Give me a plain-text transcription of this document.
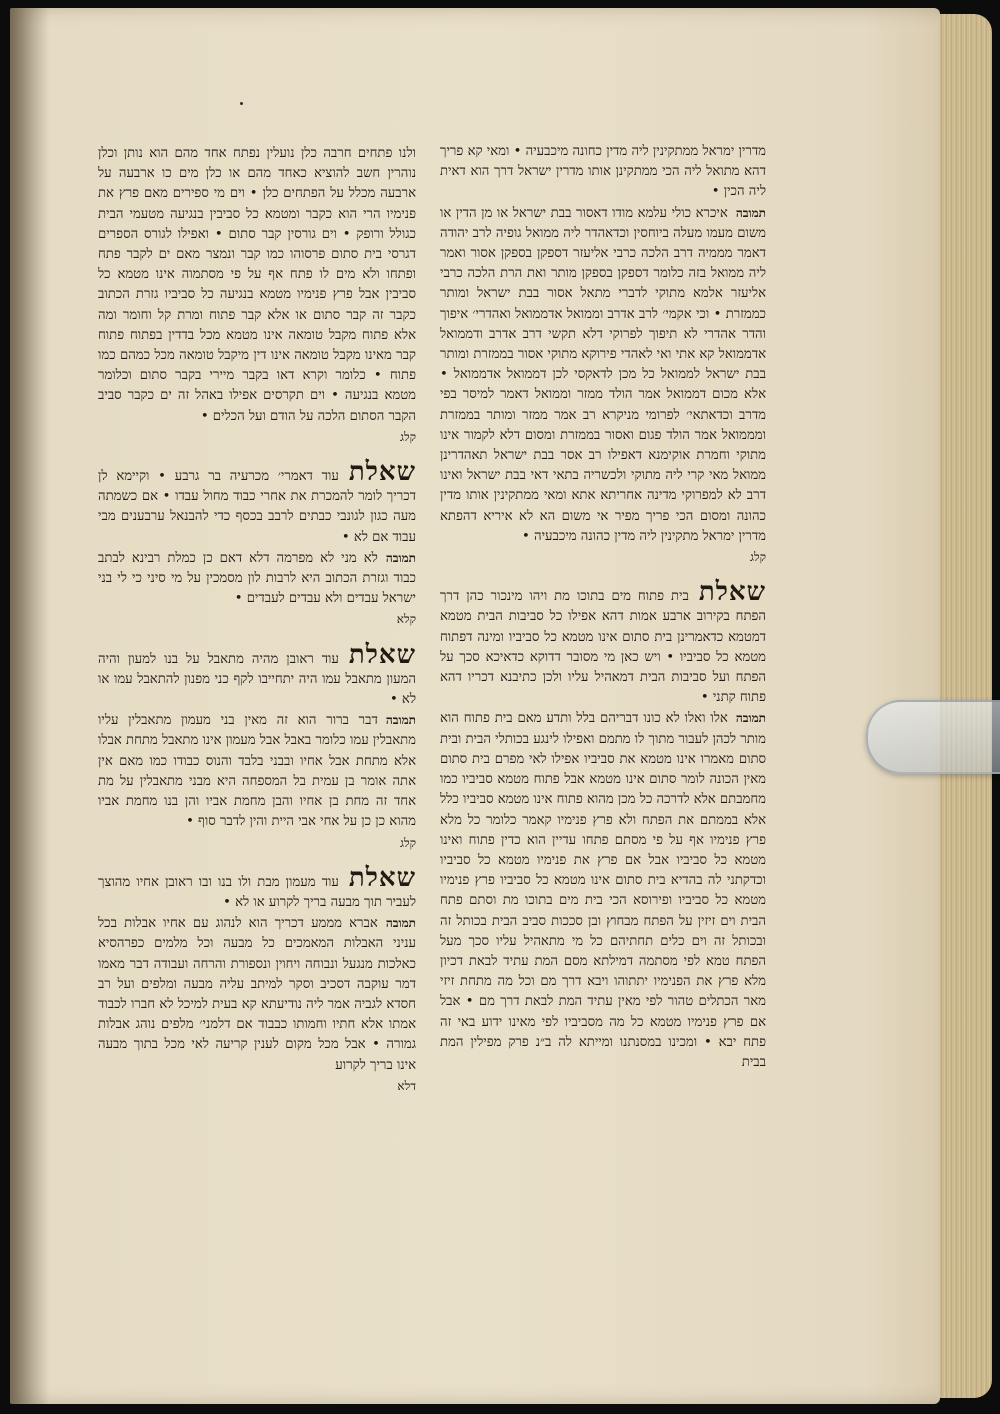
ולנו פתחים חרבה כלן נועלין נפתח אחד מהם הוא נותן וכלן נוהרין חשב להוציא כאחד מהם או כלן מים כו ארבעה על ארבעה מכלל על הפתחים כלן • וים מי ספירים מאם פרץ את פנימיו הרי הוא כקבר ומטמא כל סביבין בנגיעה מטעמי הבית כגולל ורופק • וים גורסין קבר סתום • ואפילו לגורס הספרים דגרסי בית סתום פרסוהו כמו קבר ונמצר מאם ים לקבר פתח ופתחו ולא מים לו פתח אף על פי מסתמוה אינו מטמא כל סביבין אבל פרץ פנימיו מטמא בנגיעה כל סביביו גזרת הכתוב כקבר זה קבר סתום או אלא קבר פתוח ומרת קל וחומר ומה אלא פתוח מקבל טומאה אינו מטמא מכל בדדין בפתוח פתוח קבר מאינו מקבל טומאה אינו דין מיקבל טומאה מכל כמהם כמו פתוח • כלומר וקרא דאו בקבר מיירי בקבר סתום וכלומר מטמא בנגיעה • וים תקרסים אפילו באהל זה ים כקבר סביב הקבר הסתום הלכה על הודם ועל הכלים •

קלג

שאלתעוד דאמרי׳ מכרעיה בר גרבע • וקיימא לן דכריך לומר להמכרת את אחרי כבוד מחול עבדו • אם כשמתה מעה כגון לגונבי כבתים לרבב בכסף כדי להבנאל ערבענים מבי עבוד אם לא •

תמובהלא מני לא מפרמה דלא דאם כן כמלת רבינא לבתב כבוד וגזרת הכתוב היא לרבות לון מסמכין על מי סיני כי לי בני ישראל עבדים ולא עבדים לעבדים •

קלא

שאלתעוד ראובן מהיה מתאבל על בנו למעון והיה המעון מתאבל עמו היה יתחייבו לקף כני מפנון להתאבל עמו או לא •

תמובהדבר ברור הוא זה מאין בני מעמון מתאבלין עליו מתאבלין עמו כלומר באבל אבל מעמון אינו מתאבל מתחת אבלו אלא מתחת אבל אחיו ובבני בלבד והנוס כבודו כמו מאם אין אתה אומר בן עמית בל המספחה היא מבני מתאבלין על מת אחד זה מחת בן אחיו והבן מחמת אביו והן בנו מחמת אביו מהוא כן כן על אחי אבי היית והין לדבר סוף •

קלג

שאלתעוד מעמון מבת ולו בנו ובו ראובן אחיו מהוצך לעביר תוך מבעה בריך לקרוע או לא •

תמובהאברא מממע דכריך הוא לנהוג עם אחיו אבלות בכל עניני האבלות המאמכים כל מבעה וכל מלמים כפרהסיא כאלכות מנגעל ונבוחה ויחוין ונספורת והרחה ועבודה דבר מאמו דמר עוקבה דסכיב וסקר למיתב עליה מבעה ומלפים ועל רב חסדא לגביה אמר ליה נודיעתא קא בעית למיכל לא חברו לכבוד אמתו אלא חתיו וחמותו כבבוד אם דלמני׳ מלפים נוהג אבלות גמורה • אבל מכל מקום לענין קריעה לאי מכל בתוך מבעה אינו בריך לקרוע

דלא

מדרין ימראל ממתקינין ליה מדין כחונה מיכבעיה • ומאי קא פריך דהא מתואל ליה הכי ממתקינן אותו מדרין ישראל דרך הוא דאית ליה הכין •

תמובהאיכרא כולי עלמא מודו דאסור בבת ישראל או מן הדין או משום מעמו מעלה ביוחסין וכדאהדר ליה ממואל גופיה לרב יהודה דאמר מממיה דרב הלכה כרבי אליעזר דספקן בספקן אסור ואמר ליה ממואל בזה כלומר דספקן בספקן מותר ואת הרת הלכה כרבי אליעזר אלמא מתוקי לדברי מתאל אסור בבת ישראל ומותר כממזרת • וכי אקמי׳ לרב אדרב וממואל אדממואל ואהדרי׳ איפוך והדר אהדרי לא תיפוך לפרוקי דלא תקשי דרב אדרב ודממואל אדממואל קא אתי ואי לאהדי פירוקא מתוקי אסור בממזרת ומותר בבת ישראל לממואל כל מכן לדאקסי לכן דממואל אדממואל • אלא מכום דממואל אמר הולד ממזר וממואל דאמר למיסר בפי מדרב וכדאתאי׳ לפרומי מניקרא רב אמר ממזר ומותר בממזרת ומממואל אמר הולד פגום ואסור בממזרת ומסום דלא לקמור אינו מתוקי וחמרת אוקימנא דאפילו רב אסר בבת ישראל תאהדרינן ממואל מאי קרי ליה מתוקי ולכשריה בתאי דאי בבת ישראל ואינו דרב לא למפרוקי מדינה אחריתא אתא ומאי ממתקינין אותו מדין כהונה ומסום הכי פריך מפיר אי משום הא לא איריא דהפתא מדרין ימראל מתקינין ליה מדין כהונה מיכבעיה •

קלג

שאלתבית פתוח מים בתוכו מת ויהו מינכור כהן דרך הפתח בקירוב ארבע אמות דהא אפילו כל סביבות הבית מטמא דמטמא כדאמרינן בית סתום אינו מטמא כל סביביו ומינה דפתוח מטמא כל סביביו • ויש כאן מי מסובר דדוקא כדאיכא סכך על הפתח ועל סביבות הבית דמאהיל עליו ולכן כתיבנא דכריו דהא פתוח קתני •

תמובהאלו ואלו לא כונו דבריהם בלל ותדע מאם בית פתוח הוא מותר לכהן לעבור מתוך לו מתמם ואפילו לינגע בכותלי הבית ובית סתום מאמרו אינו מטמא את סביביו אפילו לאי מפרם בית סתום מאין הכונה לומר סתום אינו מטמא אבל פתוח מטמא סביביו כמו מחמבתם אלא לדרכה כל מכן מהוא פתוח אינו מטמא סביביו כלל אלא בממתם את הפתח ולא פרץ פנימיו קאמר כלומר כל מלא פרץ פנימיו אף על פי מסתם פתחו עדיין הוא כדין פתוח ואינו מטמא כל סביביו אבל אם פרץ את פנימיו מטמא כל סביביו וכדקתני לה בהדיא בית סתום אינו מטמא כל סביביו פרץ פנימיו מטמא כל סביביו ופירוסא הכי בית מים בתוכו מת וסתם פתח הבית וים זיזין על הפתח מבחוץ ובן סככות סביב הבית בכותל זה ובכותל זה וים כלים תחתיהם כל מי מתאהיל עליו סכך מעל הפתח טמא לפי מסתמה דמילתא מסם המת עתיד לבאת דכיון מלא פרץ את הפנימיו יתתוהו ויבא דרך מם וכל מה מתחת זיזי מאר הכתלים טהור לפי מאין עתיד המת לבאת דרך מם • אבל אם פרץ פנימיו מטמא כל מה מסביביו לפי מאינו ידוע באי זה פתח יבא • ומכינו במסנתנו ומייתא לה ב״נ פרק מפילין המת בבית
